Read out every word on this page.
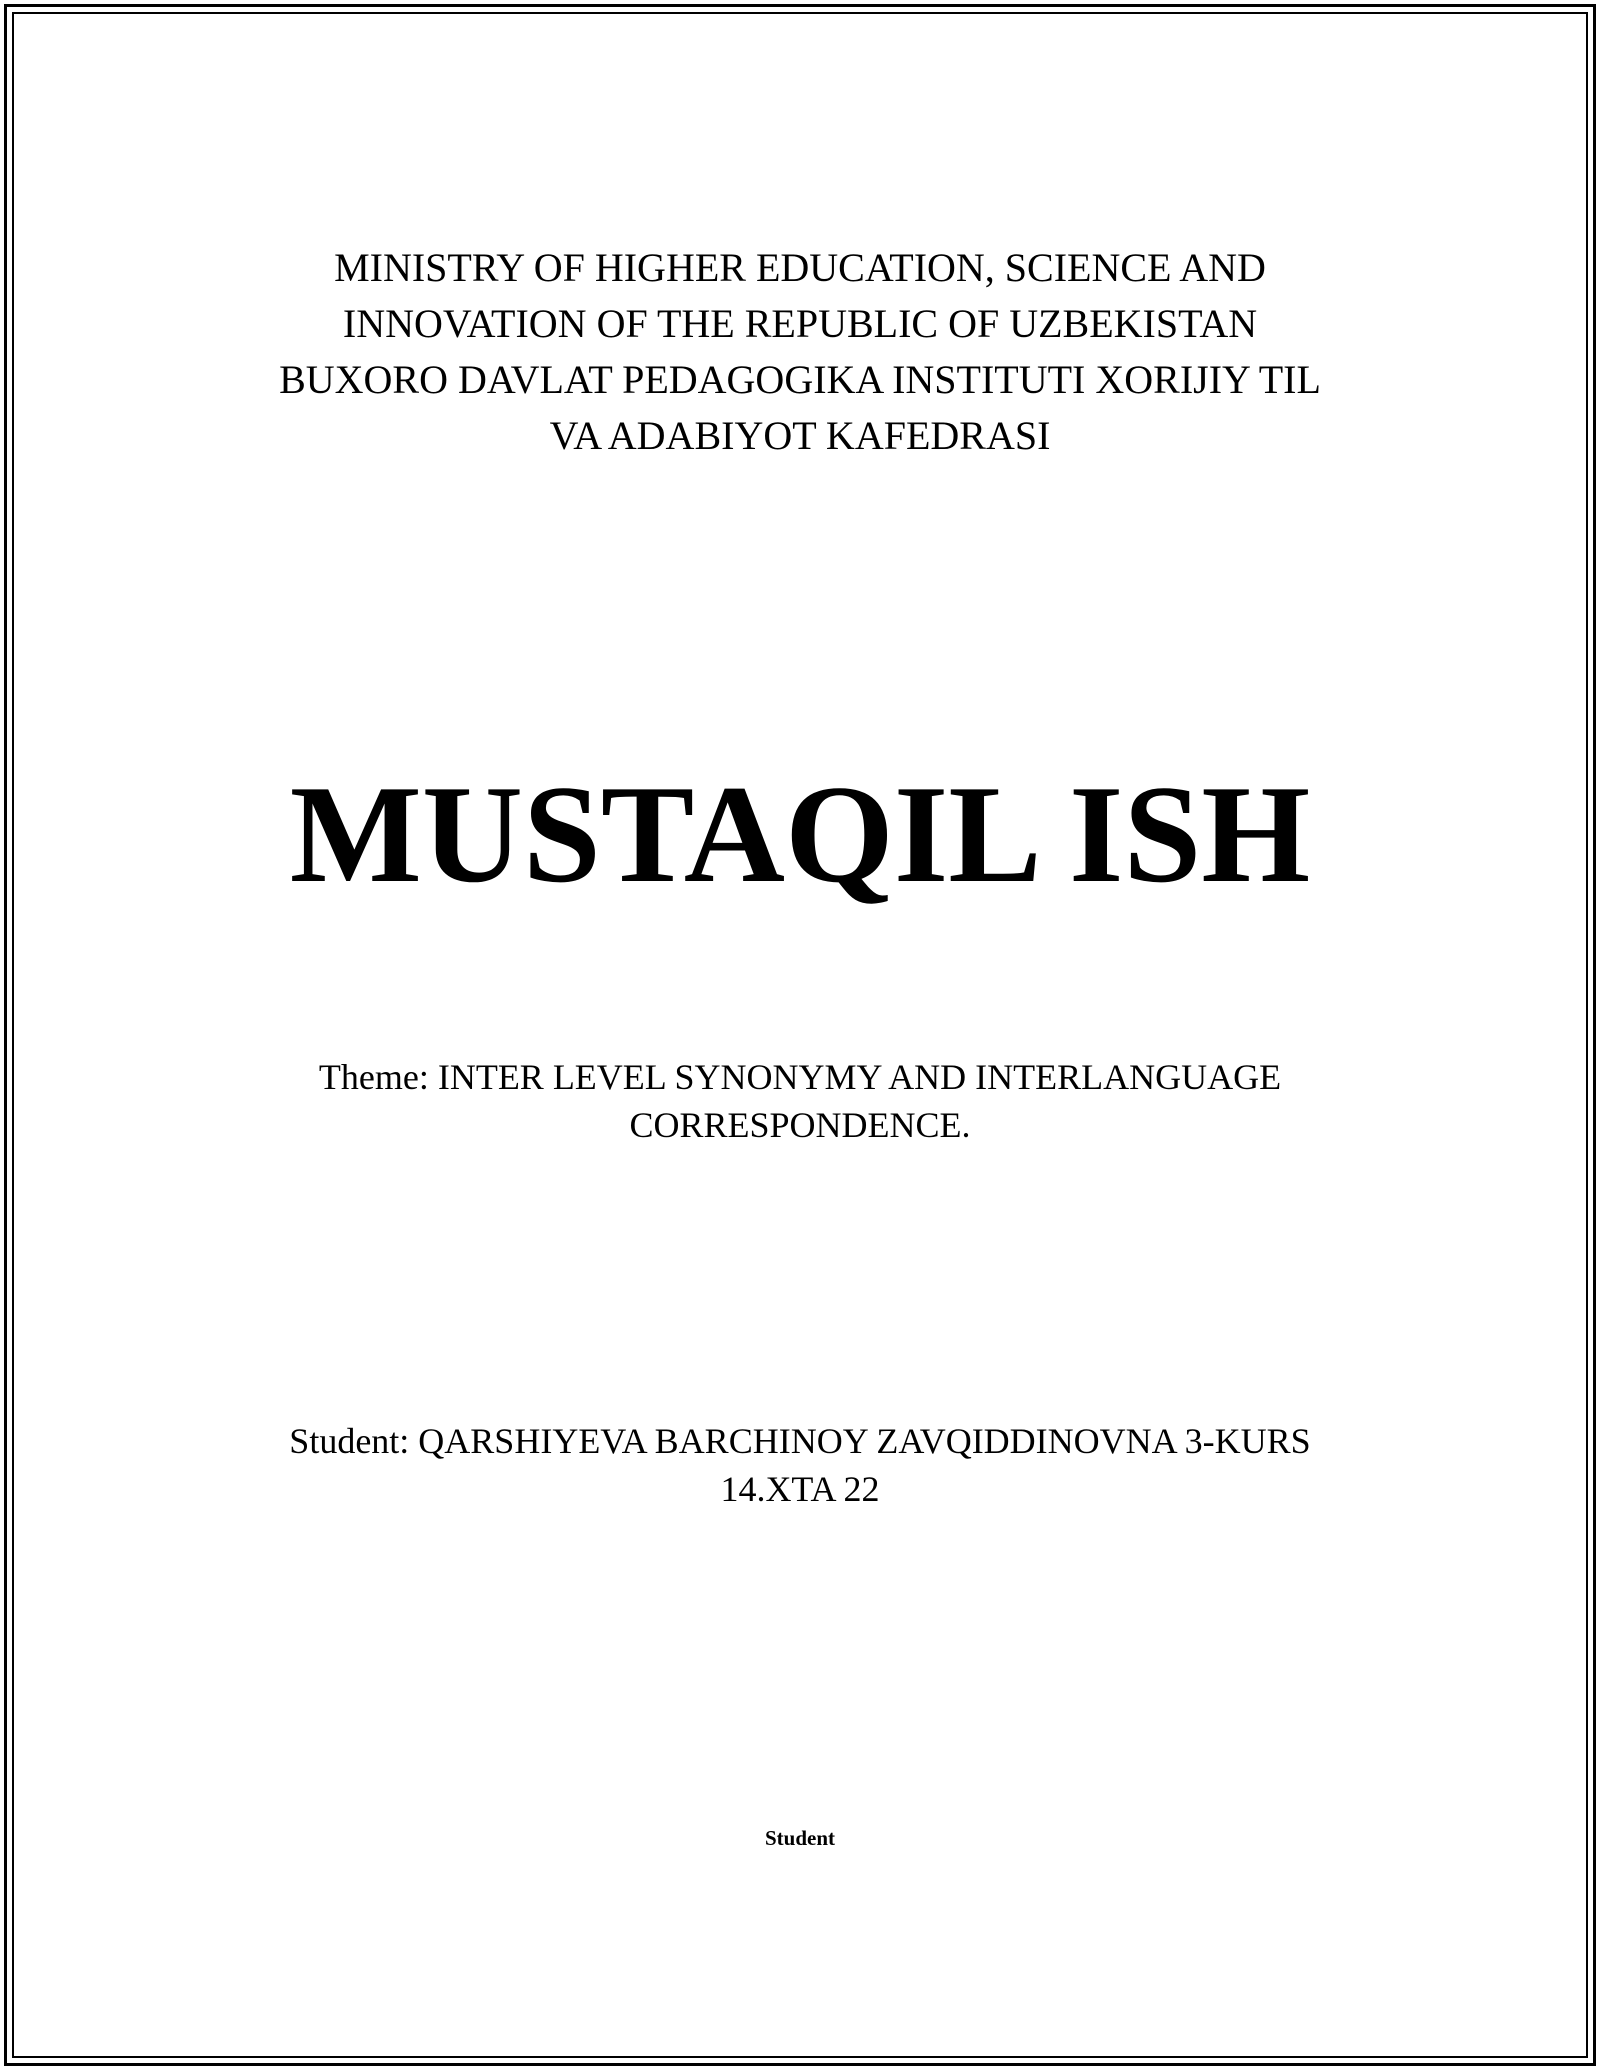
MINISTRY OF HIGHER EDUCATION, SCIENCE AND
INNOVATION OF THE REPUBLIC OF UZBEKISTAN
BUXORO DAVLAT PEDAGOGIKA INSTITUTI XORIJIY TIL
VA ADABIYOT KAFEDRASI
MUSTAQIL ISH
Theme: INTER LEVEL SYNONYMY AND INTERLANGUAGE
CORRESPONDENCE.
Student: QARSHIYEVA BARCHINOY ZAVQIDDINOVNA 3-KURS
14.XTA 22
Student
